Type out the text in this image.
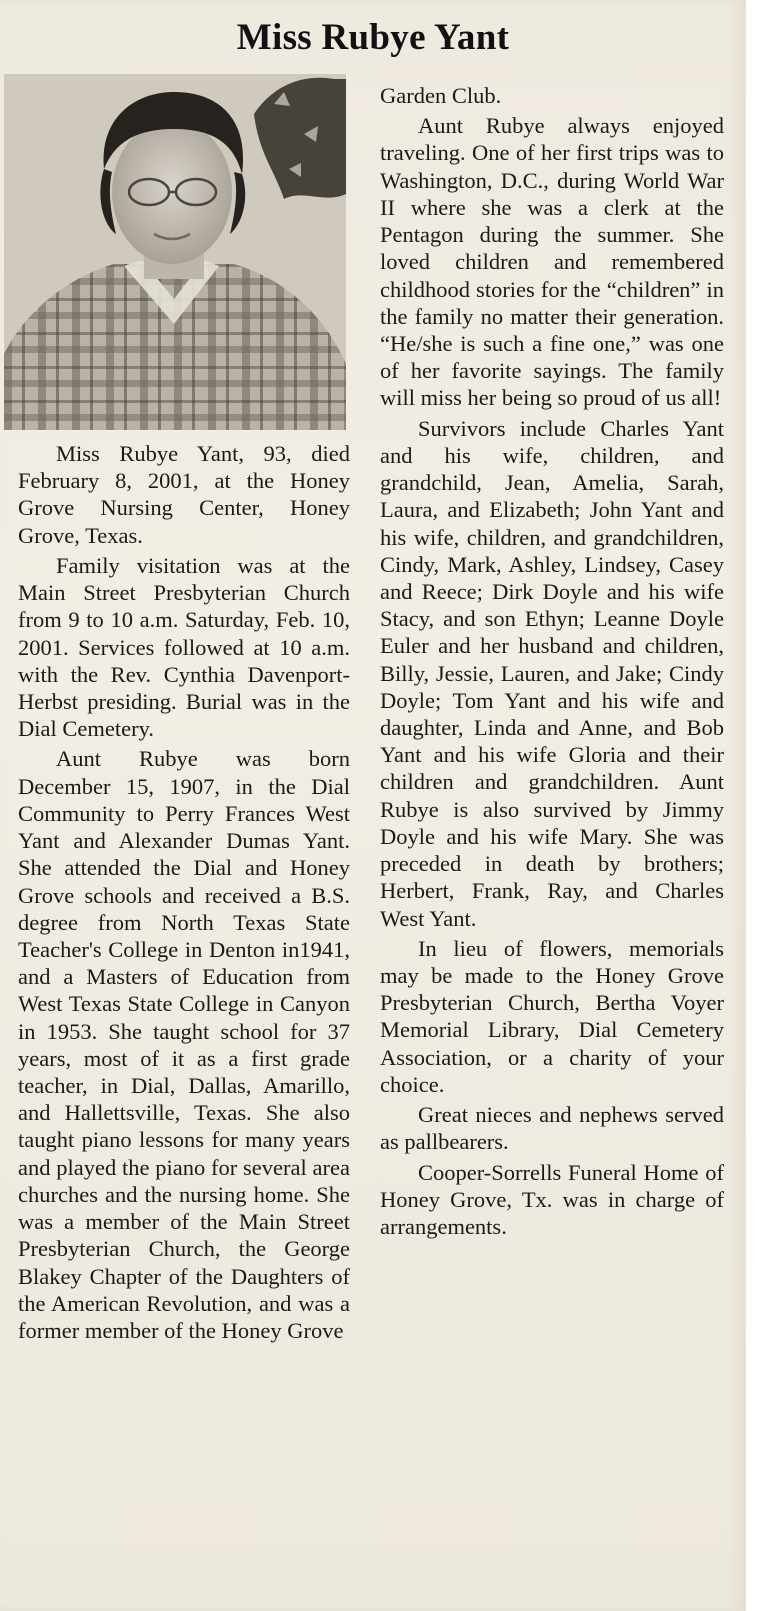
Miss Rubye Yant

Miss Rubye Yant, 93, died February 8, 2001, at the Honey Grove Nursing Center, Honey Grove, Texas.

Family visitation was at the Main Street Presbyterian Church from 9 to 10 a.m. Saturday, Feb. 10, 2001. Services followed at 10 a.m. with the Rev. Cynthia Davenport-Herbst presiding. Burial was in the Dial Cemetery.

Aunt Rubye was born December 15, 1907, in the Dial Community to Perry Frances West Yant and Alexander Dumas Yant. She attended the Dial and Honey Grove schools and received a B.S. degree from North Texas State Teacher's College in Denton in1941, and a Masters of Education from West Texas State College in Canyon in 1953. She taught school for 37 years, most of it as a first grade teacher, in Dial, Dallas, Amarillo, and Hallettsville, Texas. She also taught piano lessons for many years and played the piano for several area churches and the nursing home. She was a member of the Main Street Presbyterian Church, the George Blakey Chapter of the Daughters of the American Revolution, and was a former member of the Honey Grove

Garden Club.

Aunt Rubye always enjoyed traveling. One of her first trips was to Washington, D.C., during World War II where she was a clerk at the Pentagon during the summer. She loved children and remembered childhood stories for the “children” in the family no matter their generation. “He/she is such a fine one,” was one of her favorite sayings. The family will miss her being so proud of us all!

Survivors include Charles Yant and his wife, children, and grandchild, Jean, Amelia, Sarah, Laura, and Elizabeth; John Yant and his wife, children, and grandchildren, Cindy, Mark, Ashley, Lindsey, Casey and Reece; Dirk Doyle and his wife Stacy, and son Ethyn; Leanne Doyle Euler and her husband and children, Billy, Jessie, Lauren, and Jake; Cindy Doyle; Tom Yant and his wife and daughter, Linda and Anne, and Bob Yant and his wife Gloria and their children and grandchildren. Aunt Rubye is also survived by Jimmy Doyle and his wife Mary. She was preceded in death by brothers; Herbert, Frank, Ray, and Charles West Yant.

In lieu of flowers, memorials may be made to the Honey Grove Presbyterian Church, Bertha Voyer Memorial Library, Dial Cemetery Association, or a charity of your choice.

Great nieces and nephews served as pallbearers.

Cooper-Sorrells Funeral Home of Honey Grove, Tx. was in charge of arrangements.
